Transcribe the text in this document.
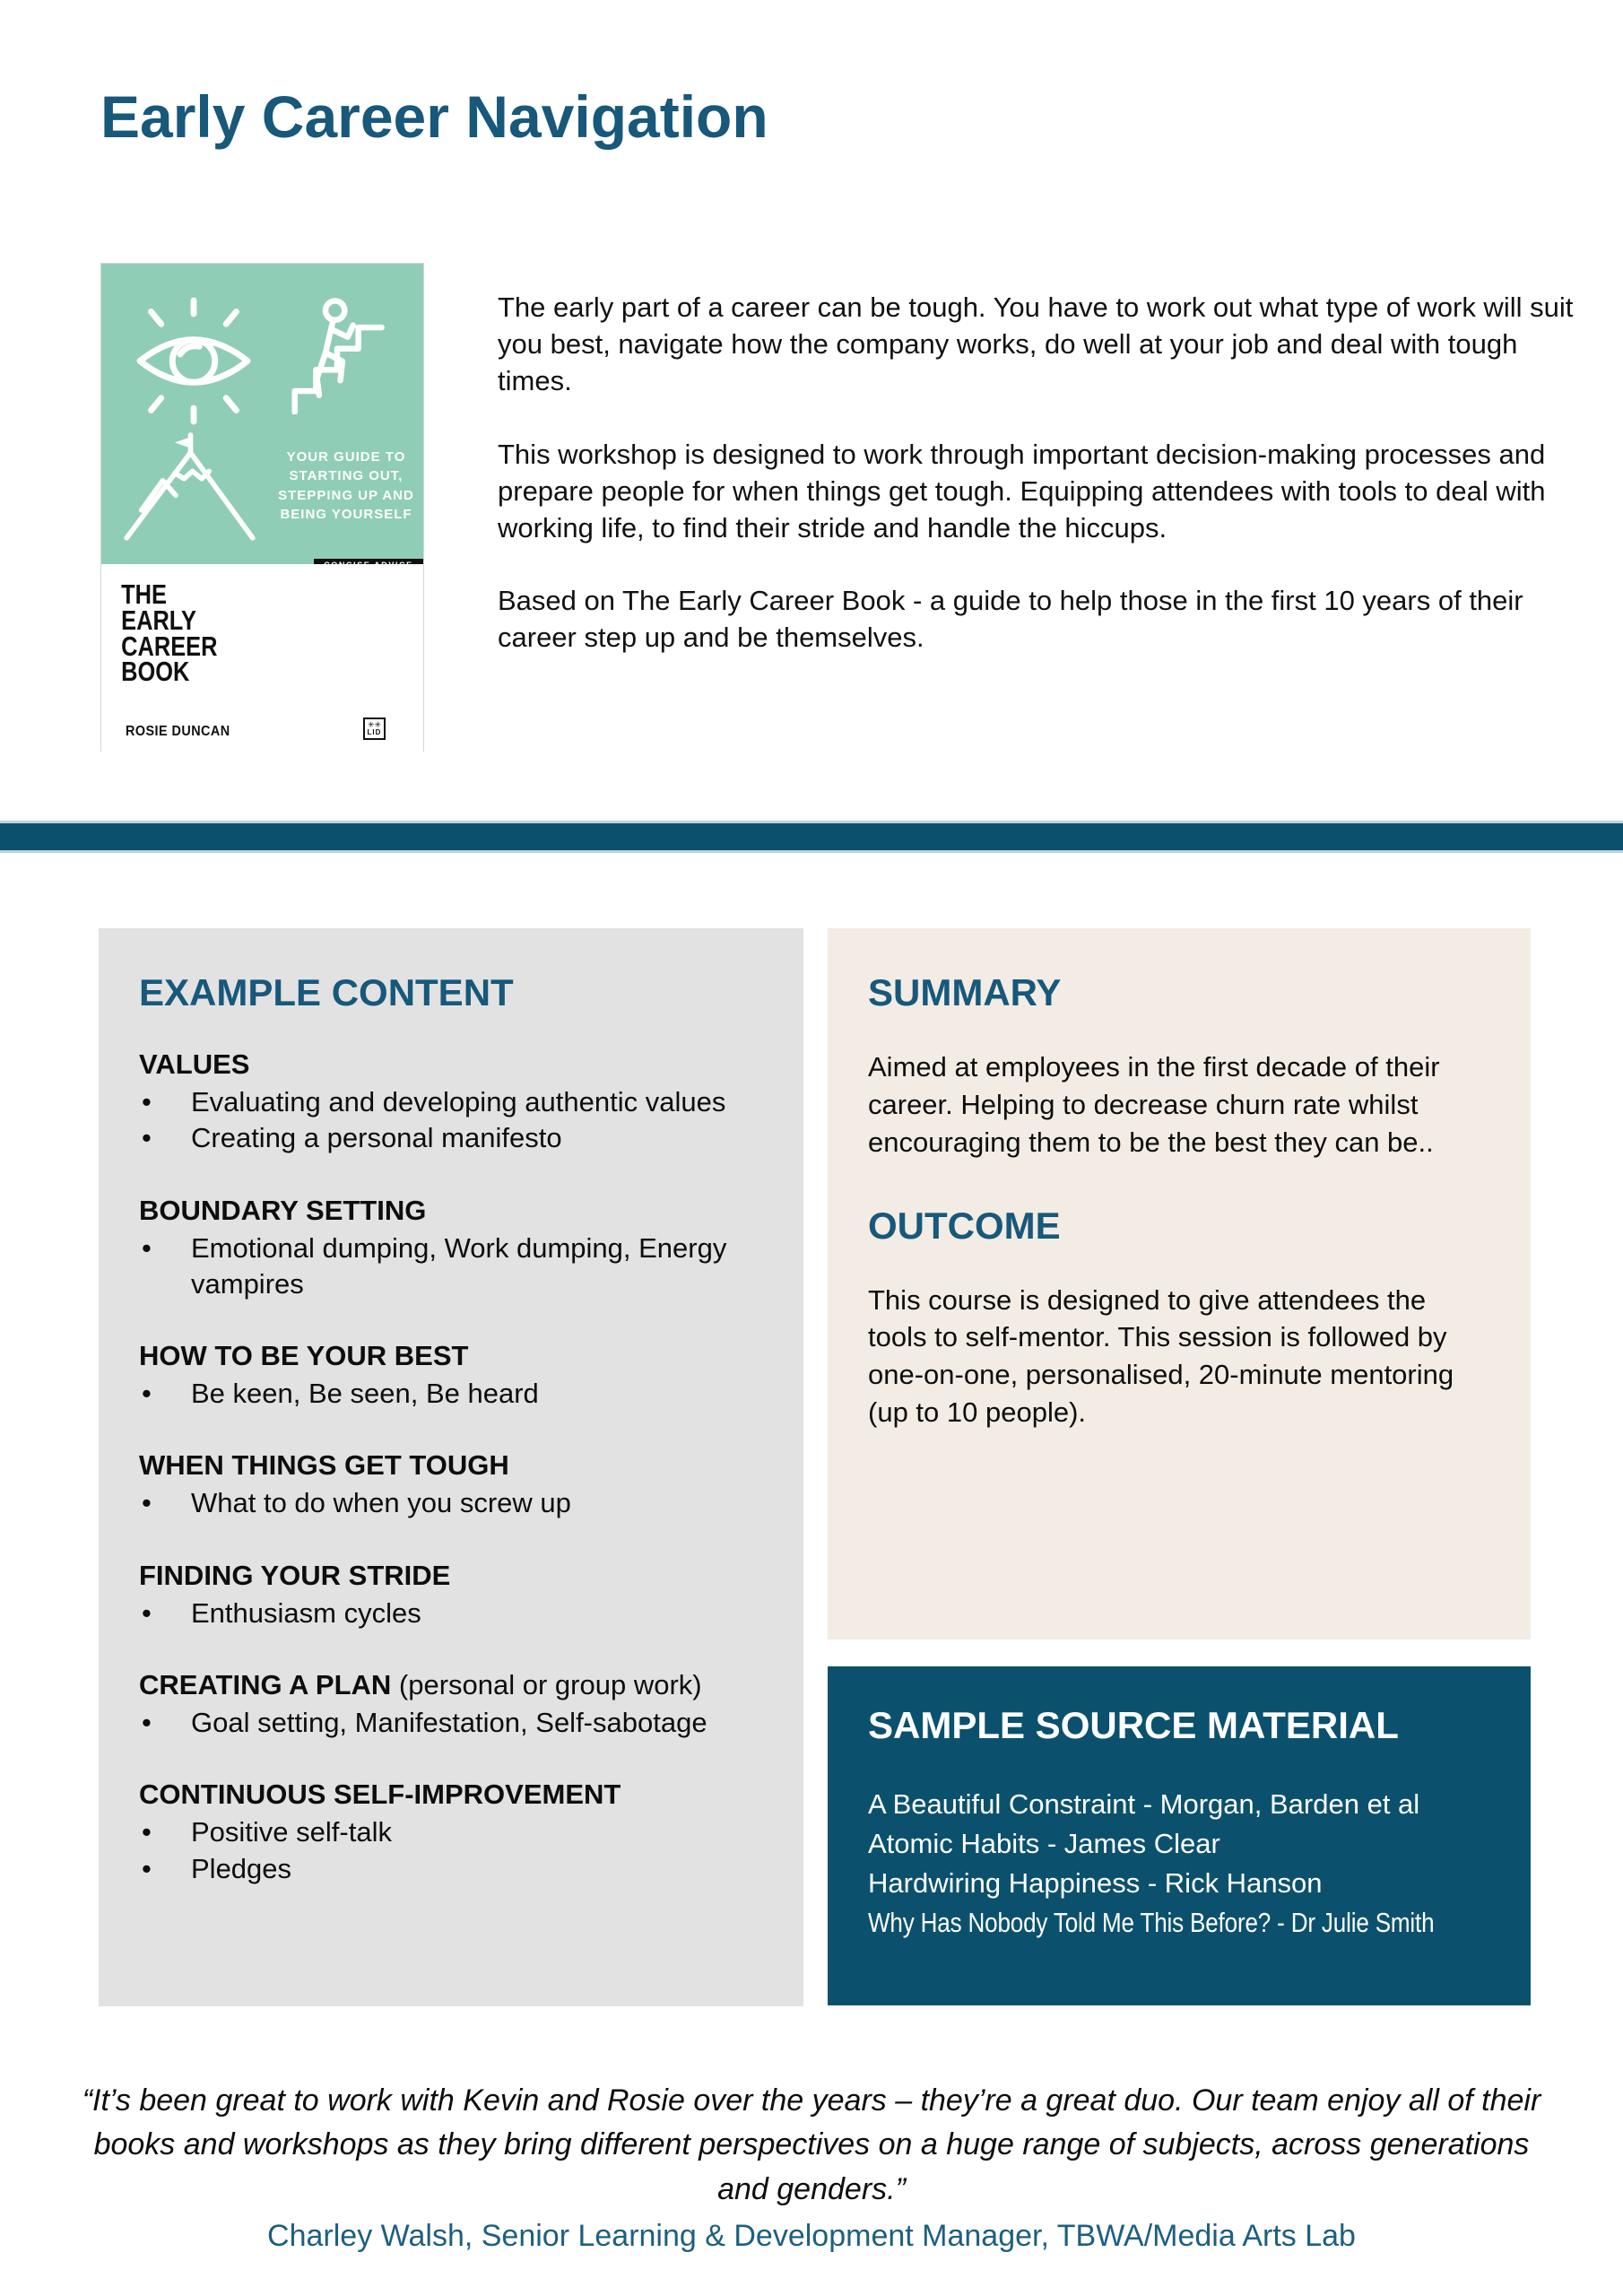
Early Career Navigation
YOUR GUIDE TO
STARTING OUT,
STEPPING UP AND
BEING YOURSELF
THE
EARLY
CAREER
BOOK
ROSIE DUNCAN	✳✳
LID

The early part of a career can be tough. You have to work out what type of work will suit you best, navigate how the company works, do well at your job and deal with tough times.

This workshop is designed to work through important decision-making processes and prepare people for when things get tough. Equipping attendees with tools to deal with working life, to find their stride and handle the hiccups.

Based on The Early Career Book - a guide to help those in the first 10 years of their career step up and be themselves.

EXAMPLE CONTENT
VALUES
• Evaluating and developing authentic values
• Creating a personal manifesto
BOUNDARY SETTING
• Emotional dumping, Work dumping, Energy vampires
HOW TO BE YOUR BEST
• Be keen, Be seen, Be heard
WHEN THINGS GET TOUGH
• What to do when you screw up
FINDING YOUR STRIDE
• Enthusiasm cycles
CREATING A PLAN (personal or group work)
• Goal setting, Manifestation, Self-sabotage
CONTINUOUS SELF-IMPROVEMENT
• Positive self-talk
• Pledges
SUMMARY

Aimed at employees in the first decade of their career. Helping to decrease churn rate whilst encouraging them to be the best they can be..

OUTCOME

This course is designed to give attendees the tools to self-mentor. This session is followed by one-on-one, personalised, 20-minute mentoring (up to 10 people).

SAMPLE SOURCE MATERIAL
A Beautiful Constraint - Morgan, Barden et al
Atomic Habits - James Clear
Hardwiring Happiness - Rick Hanson
Why Has Nobody Told Me This Before? - Dr Julie Smith

“It’s been great to work with Kevin and Rosie over the years – they’re a great duo. Our team enjoy all of their books and workshops as they bring different perspectives on a huge range of subjects, across generations and genders.”

Charley Walsh, Senior Learning & Development Manager, TBWA/Media Arts Lab
